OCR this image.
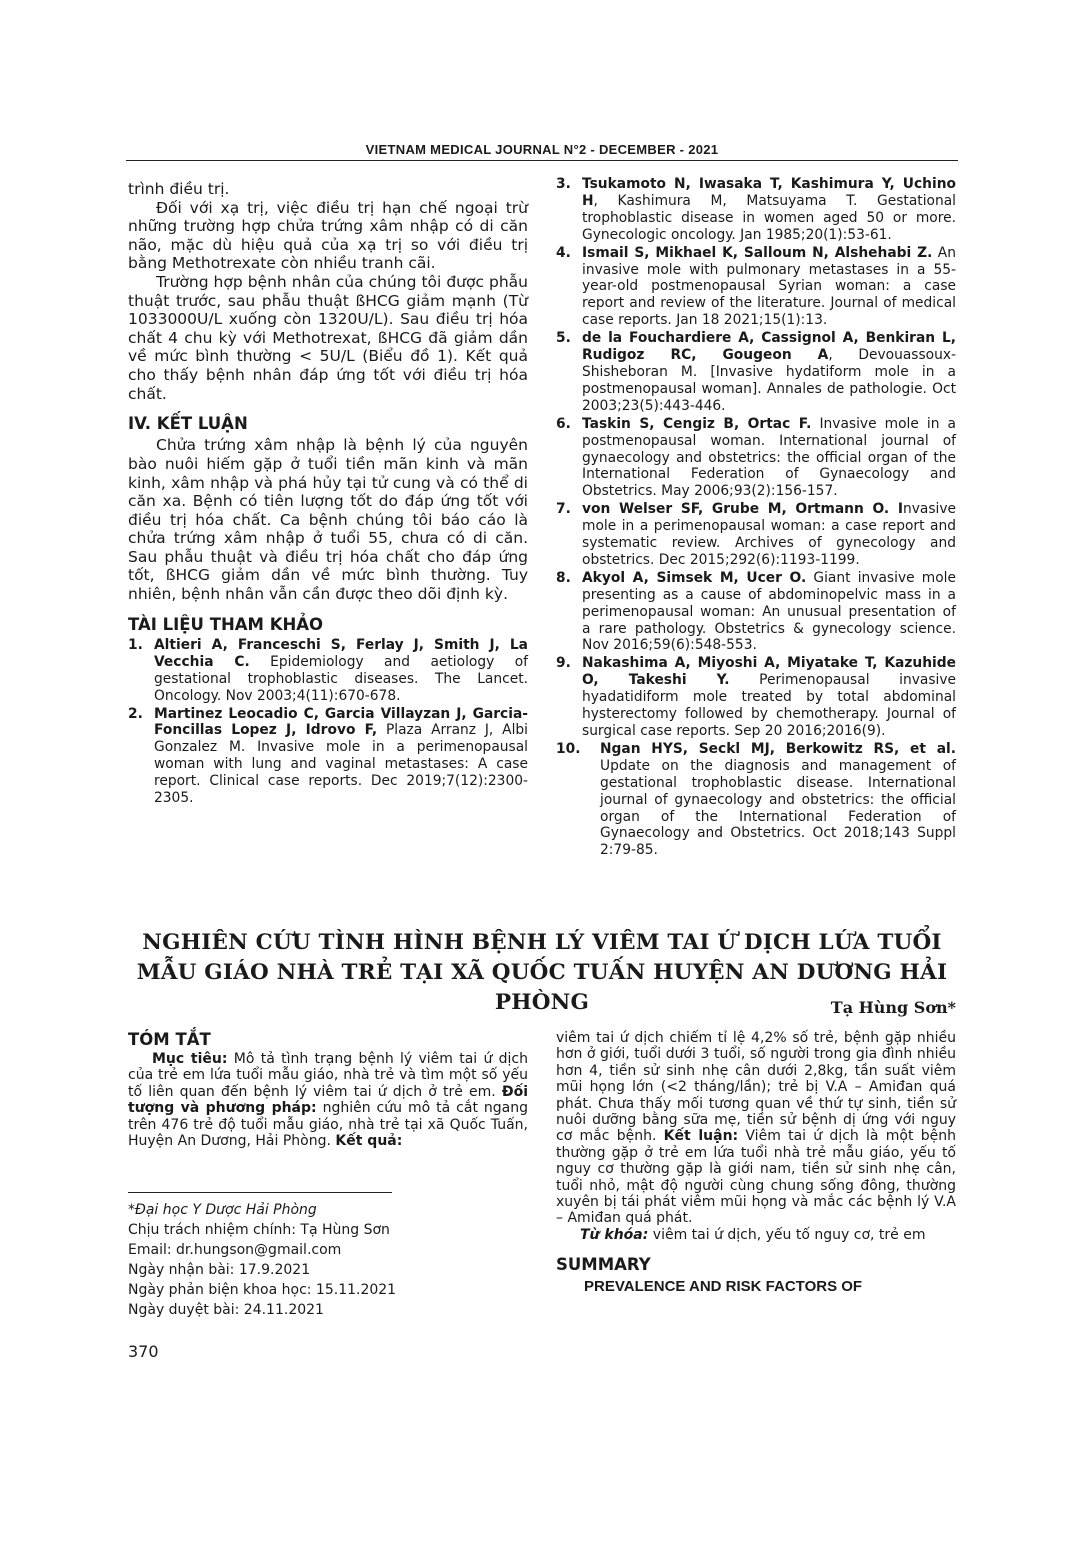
VIETNAM MEDICAL JOURNAL N°2 - DECEMBER - 2021

trình điều trị.

Đối với xạ trị, việc điều trị hạn chế ngoại trừ những trường hợp chửa trứng xâm nhập có di căn não, mặc dù hiệu quả của xạ trị so với điều trị bằng Methotrexate còn nhiều tranh cãi.

Trường hợp bệnh nhân của chúng tôi được phẫu thuật trước, sau phẫu thuật ßHCG giảm mạnh (Từ 1033000U/L xuống còn 1320U/L). Sau điều trị hóa chất 4 chu kỳ với Methotrexat, ßHCG đã giảm dần về mức bình thường < 5U/L (Biểu đồ 1). Kết quả cho thấy bệnh nhân đáp ứng tốt với điều trị hóa chất.

IV. KẾT LUẬN

Chửa trứng xâm nhập là bệnh lý của nguyên bào nuôi hiếm gặp ở tuổi tiền mãn kinh và mãn kinh, xâm nhập và phá hủy tại tử cung và có thể di căn xa. Bệnh có tiên lượng tốt do đáp ứng tốt với điều trị hóa chất. Ca bệnh chúng tôi báo cáo là chửa trứng xâm nhập ở tuổi 55, chưa có di căn. Sau phẫu thuật và điều trị hóa chất cho đáp ứng tốt, ßHCG giảm dần về mức bình thường. Tuy nhiên, bệnh nhân vẫn cần được theo dõi định kỳ.

TÀI LIỆU THAM KHẢO
1. Altieri A, Franceschi S, Ferlay J, Smith J, La Vecchia C. Epidemiology and aetiology of gestational trophoblastic diseases. The Lancet. Oncology. Nov 2003;4(11):670-678.
2. Martinez Leocadio C, Garcia Villayzan J, Garcia-Foncillas Lopez J, Idrovo F, Plaza Arranz J, Albi Gonzalez M. Invasive mole in a perimenopausal woman with lung and vaginal metastases: A case report. Clinical case reports. Dec 2019;7(12):2300-2305.
3. Tsukamoto N, Iwasaka T, Kashimura Y, Uchino H, Kashimura M, Matsuyama T. Gestational trophoblastic disease in women aged 50 or more. Gynecologic oncology. Jan 1985;20(1):53-61.
4. Ismail S, Mikhael K, Salloum N, Alshehabi Z. An invasive mole with pulmonary metastases in a 55-year-old postmenopausal Syrian woman: a case report and review of the literature. Journal of medical case reports. Jan 18 2021;15(1):13.
5. de la Fouchardiere A, Cassignol A, Benkiran L, Rudigoz RC, Gougeon A, Devouassoux-Shisheboran M. [Invasive hydatiform mole in a postmenopausal woman]. Annales de pathologie. Oct 2003;23(5):443-446.
6. Taskin S, Cengiz B, Ortac F. Invasive mole in a postmenopausal woman. International journal of gynaecology and obstetrics: the official organ of the International Federation of Gynaecology and Obstetrics. May 2006;93(2):156-157.
7. von Welser SF, Grube M, Ortmann O. Invasive mole in a perimenopausal woman: a case report and systematic review. Archives of gynecology and obstetrics. Dec 2015;292(6):1193-1199.
8. Akyol A, Simsek M, Ucer O. Giant invasive mole presenting as a cause of abdominopelvic mass in a perimenopausal woman: An unusual presentation of a rare pathology. Obstetrics & gynecology science. Nov 2016;59(6):548-553.
9. Nakashima A, Miyoshi A, Miyatake T, Kazuhide O, Takeshi Y. Perimenopausal invasive hyadatidiform mole treated by total abdominal hysterectomy followed by chemotherapy. Journal of surgical case reports. Sep 20 2016;2016(9).
10.	Ngan HYS, Seckl MJ, Berkowitz RS, et al. Update on the diagnosis and management of gestational trophoblastic disease. International journal of gynaecology and obstetrics: the official organ of the International Federation of Gynaecology and Obstetrics. Oct 2018;143 Suppl 2:79-85.
NGHIÊN CỨU TÌNH HÌNH BỆNH LÝ VIÊM TAI Ứ DỊCH LỨA TUỔI
MẪU GIÁO NHÀ TRẺ TẠI XÃ QUỐC TUẤN HUYỆN AN DƯƠNG HẢI PHÒNG	Tạ Hùng Sơn*
TÓM TẮT

Mục tiêu: Mô tả tình trạng bệnh lý viêm tai ứ dịch của trẻ em lứa tuổi mẫu giáo, nhà trẻ và tìm một số yếu tố liên quan đến bệnh lý viêm tai ứ dịch ở trẻ em. Đối tượng và phương pháp: nghiên cứu mô tả cắt ngang trên 476 trẻ độ tuổi mẫu giáo, nhà trẻ tại xã Quốc Tuấn, Huyện An Dương, Hải Phòng. Kết quả:

*Đại học Y Dược Hải Phòng
Chịu trách nhiệm chính: Tạ Hùng Sơn
Email: dr.hungson@gmail.com
Ngày nhận bài: 17.9.2021
Ngày phản biện khoa học: 15.11.2021
Ngày duyệt bài: 24.11.2021

viêm tai ứ dịch chiếm tỉ lệ 4,2% số trẻ, bệnh gặp nhiều hơn ở giới, tuổi dưới 3 tuổi, số người trong gia đình nhiều hơn 4, tiền sử sinh nhẹ cân dưới 2,8kg, tần suất viêm mũi họng lớn (<2 tháng/lần); trẻ bị V.A – Amiđan quá phát. Chưa thấy mối tương quan về thứ tự sinh, tiền sử nuôi dưỡng bằng sữa mẹ, tiền sử bệnh dị ứng với nguy cơ mắc bệnh. Kết luận: Viêm tai ứ dịch là một bệnh thường gặp ở trẻ em lứa tuổi nhà trẻ mẫu giáo, yếu tố nguy cơ thường gặp là giới nam, tiền sử sinh nhẹ cân, tuổi nhỏ, mật độ người cùng chung sống đông, thường xuyên bị tái phát viêm mũi họng và mắc các bệnh lý V.A – Amiđan quá phát.

Từ khóa: viêm tai ứ dịch, yếu tố nguy cơ, trẻ em

SUMMARY
PREVALENCE AND RISK FACTORS OF
370
